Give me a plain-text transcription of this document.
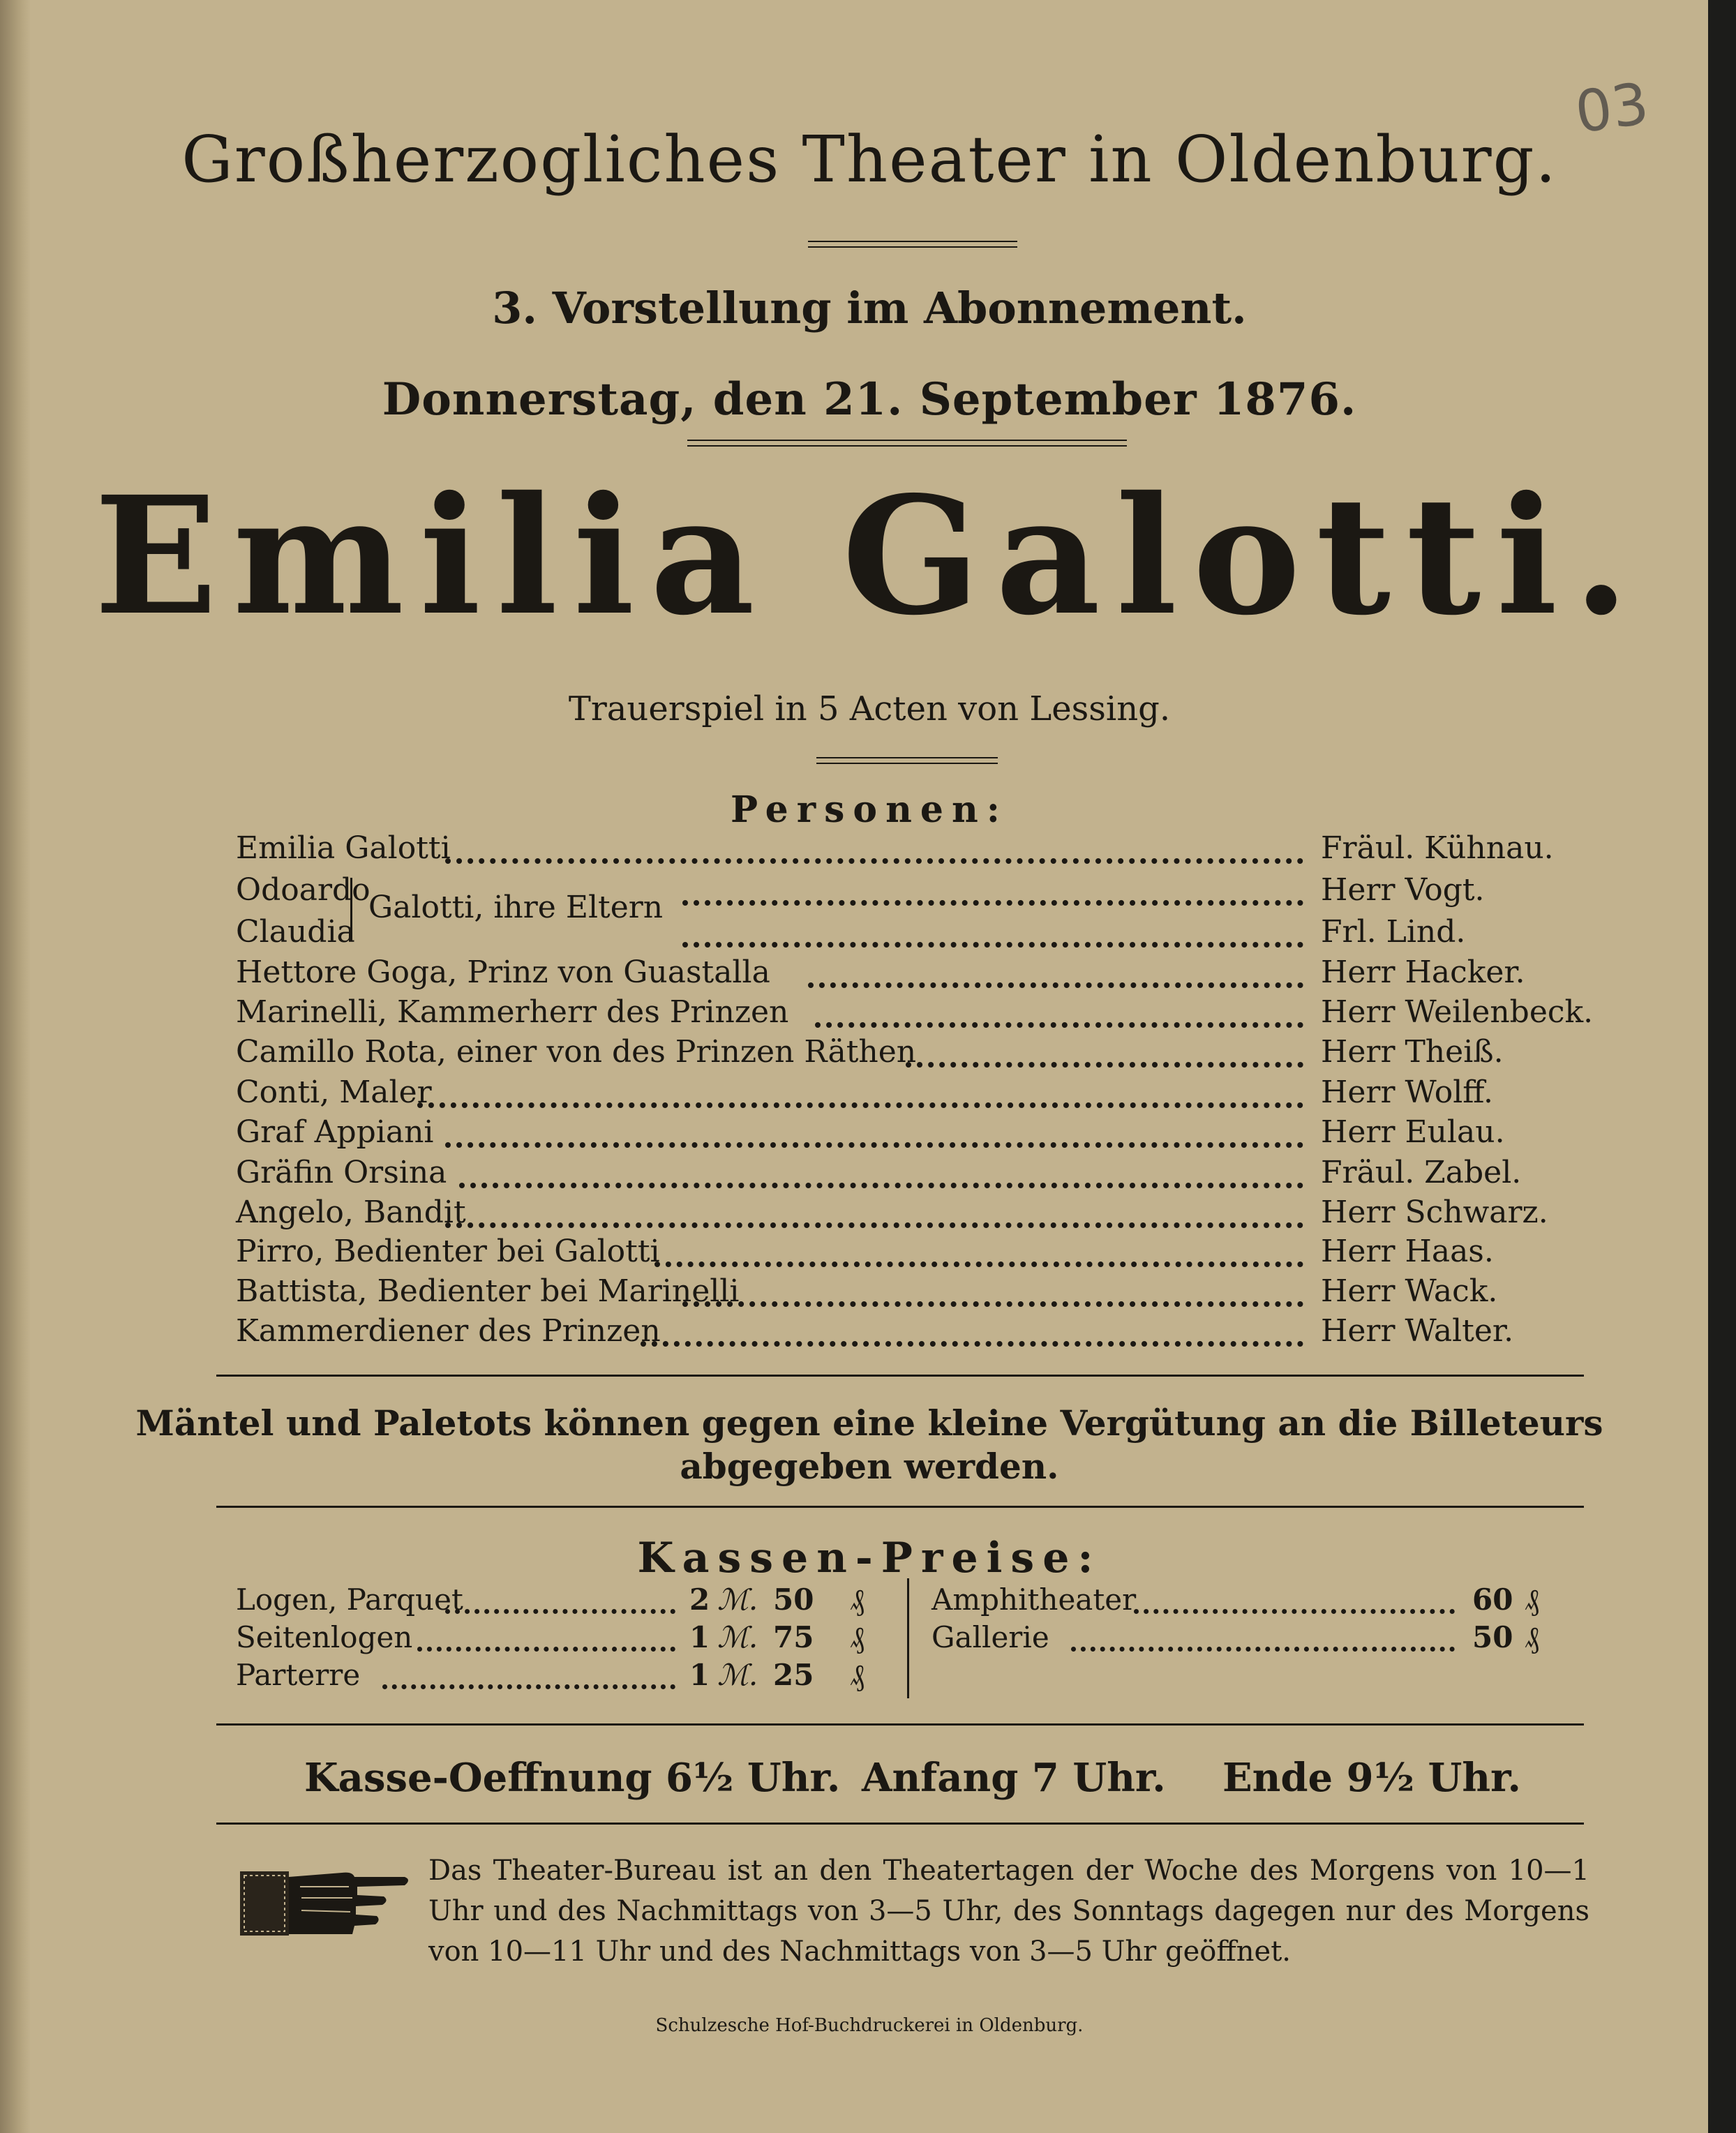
03
Großherzogliches Theater in Oldenburg.
3. Vorstellung im Abonnement.
Donnerstag, den 21. September 1876.
Emilia Galotti.
Trauerspiel in 5 Acten von Lessing.
Personen:
Emilia Galotti	Fräul. Kühnau.
Odoardo	Herr Vogt.
Claudia	Frl. Lind.
Galotti, ihre Eltern
Hettore Goga, Prinz von Guastalla	Herr Hacker.
Marinelli, Kammerherr des Prinzen	Herr Weilenbeck.
Camillo Rota, einer von des Prinzen Räthen	Herr Theiß.
Conti, Maler	Herr Wolff.
Graf Appiani	Herr Eulau.
Gräfin Orsina	Fräul. Zabel.
Angelo, Bandit	Herr Schwarz.
Pirro, Bedienter bei Galotti	Herr Haas.
Battista, Bedienter bei Marinelli	Herr Wack.
Kammerdiener des Prinzen	Herr Walter.
Mäntel und Paletots können gegen eine kleine Vergütung an die Billeteurs
abgegeben werden.
Kassen-Preise:
Logen, Parquet	2 ℳ. 50 ₰
Seitenlogen	1 ℳ. 75 ₰
Parterre	1 ℳ. 25 ₰
Amphitheater	60 ₰
Gallerie	50 ₰
Kasse-Oeffnung 6½ Uhr. Anfang 7 Uhr. Ende 9½ Uhr.
Das Theater-Bureau ist an den Theatertagen der Woche des Morgens von 10—1 Uhr und des Nachmittags von 3—5 Uhr, des Sonntags dagegen nur des Morgens von 10—11 Uhr und des Nachmittags von 3—5 Uhr geöffnet.
Schulzesche Hof-Buchdruckerei in Oldenburg.
